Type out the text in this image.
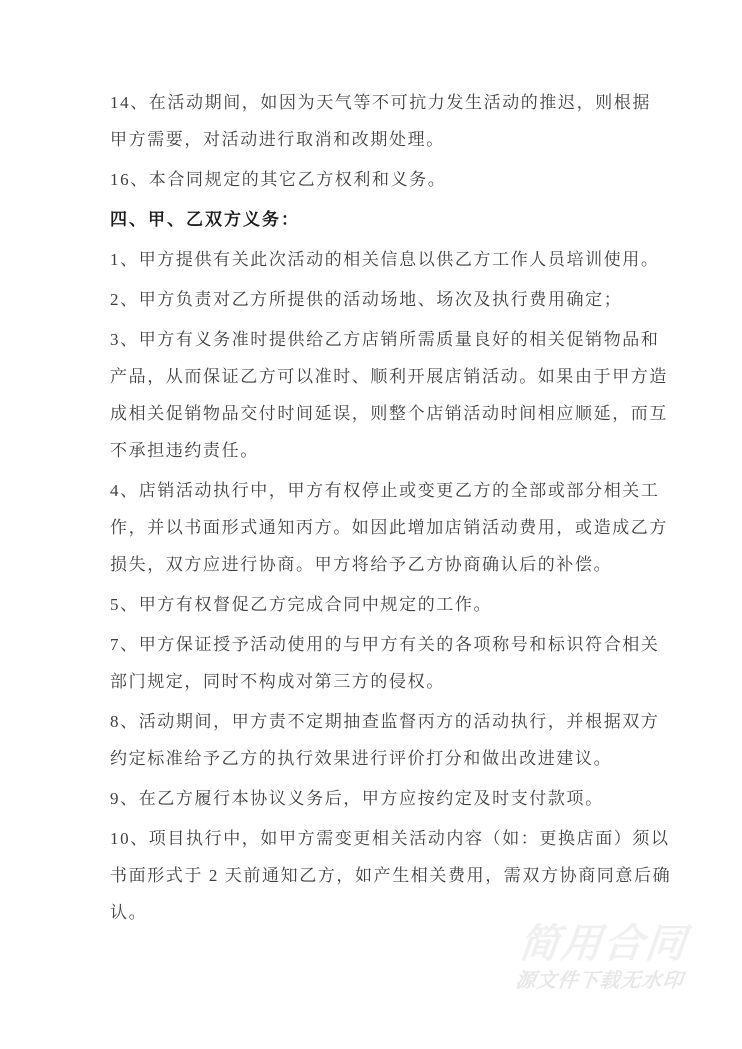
14、在活动期间，如因为天气等不可抗力发生活动的推迟，则根据
甲方需要，对活动进行取消和改期处理。

16、本合同规定的其它乙方权利和义务。

四、甲、乙双方义务：

1、甲方提供有关此次活动的相关信息以供乙方工作人员培训使用。

2、甲方负责对乙方所提供的活动场地、场次及执行费用确定；

3、甲方有义务准时提供给乙方店销所需质量良好的相关促销物品和
产品，从而保证乙方可以准时、顺利开展店销活动。如果由于甲方造
成相关促销物品交付时间延误，则整个店销活动时间相应顺延，而互
不承担违约责任。

4、店销活动执行中，甲方有权停止或变更乙方的全部或部分相关工
作，并以书面形式通知丙方。如因此增加店销活动费用，或造成乙方
损失，双方应进行协商。甲方将给予乙方协商确认后的补偿。

5、甲方有权督促乙方完成合同中规定的工作。

7、甲方保证授予活动使用的与甲方有关的各项称号和标识符合相关
部门规定，同时不构成对第三方的侵权。

8、活动期间，甲方责不定期抽查监督丙方的活动执行，并根据双方
约定标准给予乙方的执行效果进行评价打分和做出改进建议。

9、在乙方履行本协议义务后，甲方应按约定及时支付款项。

10、项目执行中，如甲方需变更相关活动内容（如：更换店面）须以
书面形式于 2 天前通知乙方，如产生相关费用，需双方协商同意后确
认。

简用合同
源文件下载无水印
